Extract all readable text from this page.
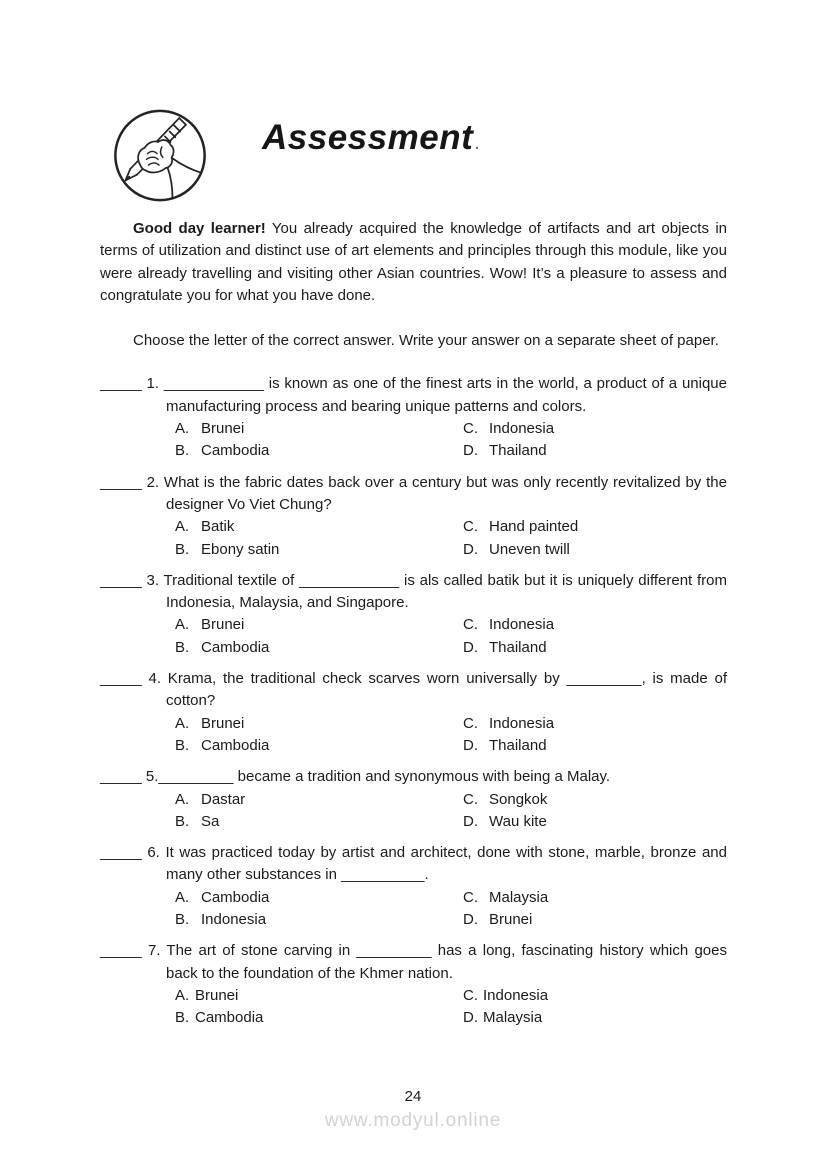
Assessment.

Good day learner! You already acquired the knowledge of artifacts and art objects in terms of utilization and distinct use of art elements and principles through this module, like you were already travelling and visiting other Asian countries. Wow! It’s a pleasure to assess and congratulate you for what you have done.

Choose the letter of the correct answer. Write your answer on a separate sheet of paper.

_____ 1. ____________ is known as one of the finest arts in the world, a product of a unique manufacturing process and bearing unique patterns and colors.

A. Brunei	C. Indonesia
B. Cambodia	D. Thailand

_____ 2. What is the fabric dates back over a century but was only recently revitalized by the designer Vo Viet Chung?

A. Batik	C. Hand painted
B. Ebony satin	D. Uneven twill

_____ 3. Traditional textile of ____________ is als called batik but it is uniquely different from Indonesia, Malaysia, and Singapore.

A. Brunei	C. Indonesia
B. Cambodia	D. Thailand

_____ 4. Krama, the traditional check scarves worn universally by _________, is made of cotton?

A. Brunei	C. Indonesia
B. Cambodia	D. Thailand

_____ 5._________ became a tradition and synonymous with being a Malay.

A. Dastar	C. Songkok
B. Sa	D. Wau kite

_____ 6. It was practiced today by artist and architect, done with stone, marble, bronze and many other substances in __________.

A. Cambodia	C. Malaysia
B. Indonesia	D. Brunei

_____ 7. The art of stone carving in _________ has a long, fascinating history which goes back to the foundation of the Khmer nation.

A. Brunei	C. Indonesia
B. Cambodia	D. Malaysia
24
www.modyul.online
